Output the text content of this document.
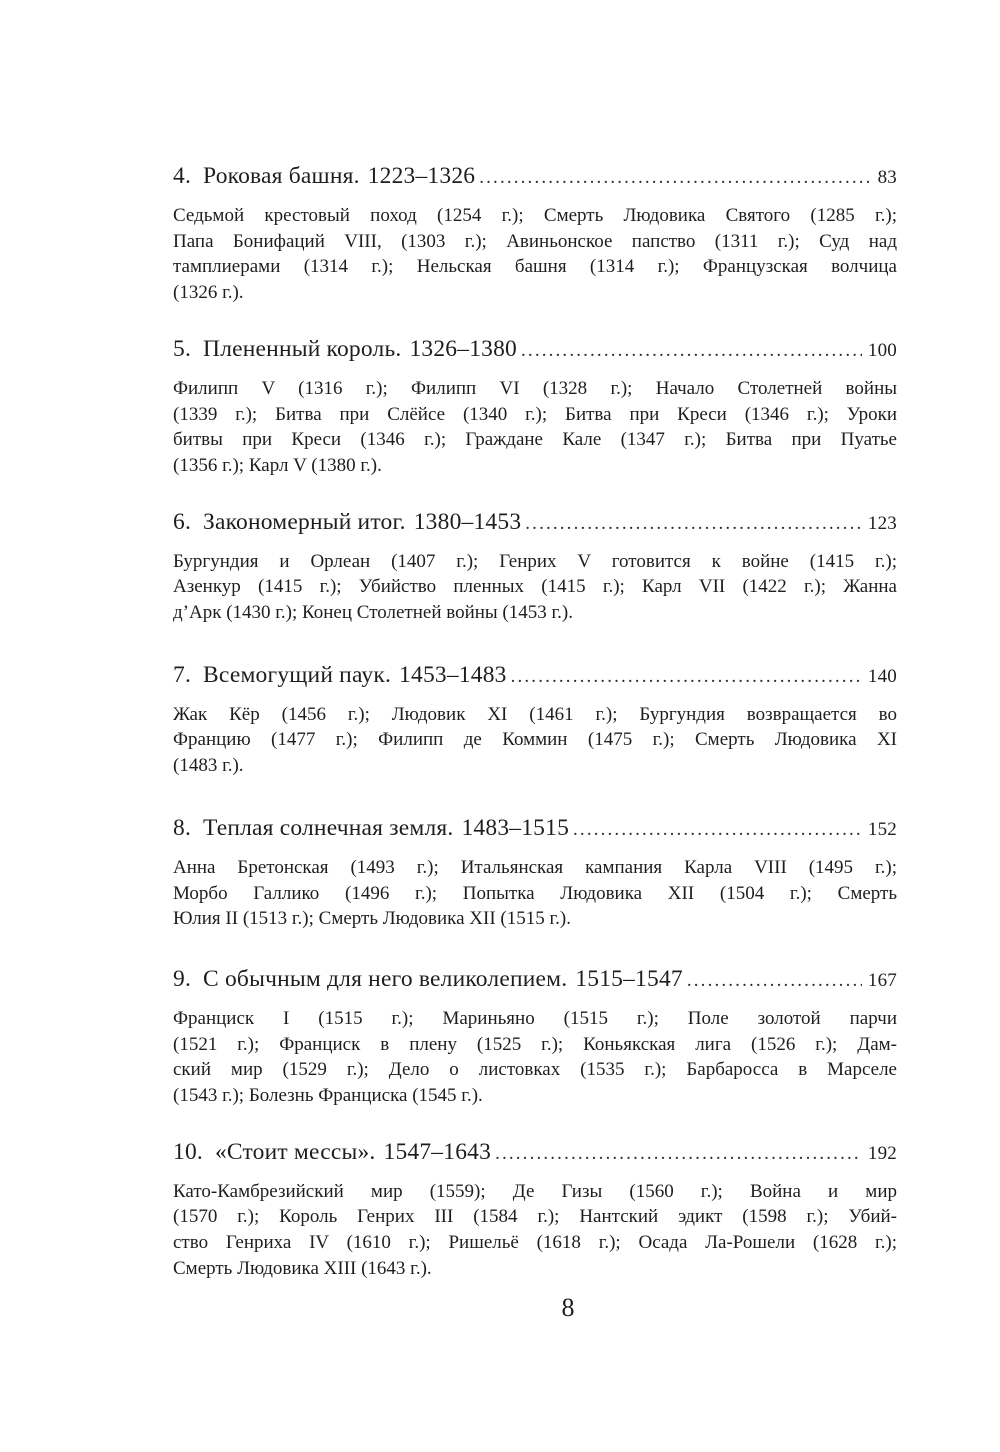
4. Роковая башня. 1223–1326 . . .	83
Седьмой крестовый поход (1254 г.); Смерть Людовика Святого (1285 г.);
Папа Бонифаций VIII, (1303 г.); Авиньонское папство (1311 г.); Суд над
тамплиерами (1314 г.); Нельская башня (1314 г.); Французская волчица
(1326 г.).
5. Плененный король. 1326–1380 . . .	100
Филипп V (1316 г.); Филипп VI (1328 г.); Начало Столетней войны
(1339 г.); Битва при Слёйсе (1340 г.); Битва при Креси (1346 г.); Уроки
битвы при Креси (1346 г.); Граждане Кале (1347 г.); Битва при Пуатье
(1356 г.); Карл V (1380 г.).
6. Закономерный итог. 1380–1453 . . .	123
Бургундия и Орлеан (1407 г.); Генрих V готовится к войне (1415 г.);
Азенкур (1415 г.); Убийство пленных (1415 г.); Карл VII (1422 г.); Жанна
д’Арк (1430 г.); Конец Столетней войны (1453 г.).
7. Всемогущий паук. 1453–1483 . . .	140
Жак Кёр (1456 г.); Людовик XI (1461 г.); Бургундия возвращается во
Францию (1477 г.); Филипп де Коммин (1475 г.); Смерть Людовика XI
(1483 г.).
8. Теплая солнечная земля. 1483–1515 . . .	152
Анна Бретонская (1493 г.); Итальянская кампания Карла VIII (1495 г.);
Морбо Галлико (1496 г.); Попытка Людовика XII (1504 г.); Смерть
Юлия II (1513 г.); Смерть Людовика XII (1515 г.).
9. С обычным для него великолепием. 1515–1547 . . .	167
Франциск I (1515 г.); Мариньяно (1515 г.); Поле золотой парчи
(1521 г.); Франциск в плену (1525 г.); Коньякская лига (1526 г.); Дам-
ский мир (1529 г.); Дело о листовках (1535 г.); Барбаросса в Марселе
(1543 г.); Болезнь Франциска (1545 г.).
10. «Стоит мессы». 1547–1643 . . .	192
Като-Камбрезийский мир (1559); Де Гизы (1560 г.); Война и мир
(1570 г.); Король Генрих III (1584 г.); Нантский эдикт (1598 г.); Убий-
ство Генриха IV (1610 г.); Ришельё (1618 г.); Осада Ла-Рошели (1628 г.);
Смерть Людовика XIII (1643 г.).
8
